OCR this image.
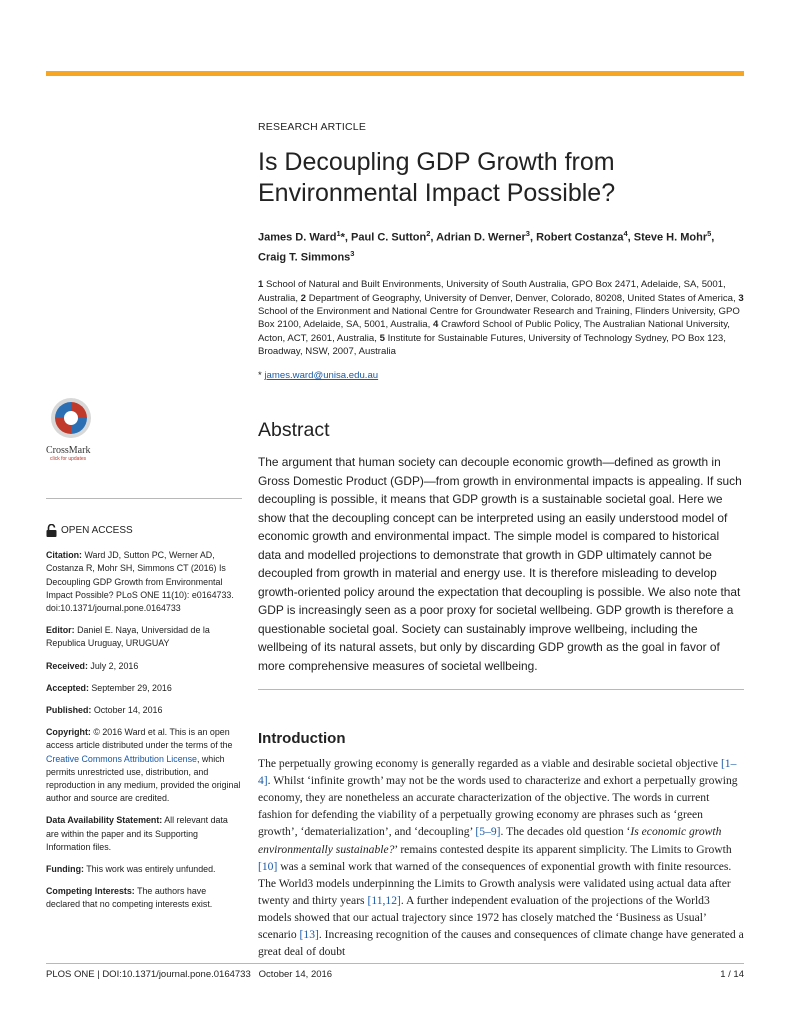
RESEARCH ARTICLE
Is Decoupling GDP Growth from Environmental Impact Possible?
James D. Ward$^1$*, Paul C. Sutton$^2$, Adrian D. Werner$^3$, Robert Costanza$^4$, Steve H. Mohr$^5$, Craig T. Simmons$^3$
1 School of Natural and Built Environments, University of South Australia, GPO Box 2471, Adelaide, SA, 5001, Australia, 2 Department of Geography, University of Denver, Denver, Colorado, 80208, United States of America, 3 School of the Environment and National Centre for Groundwater Research and Training, Flinders University, GPO Box 2100, Adelaide, SA, 5001, Australia, 4 Crawford School of Public Policy, The Australian National University, Acton, ACT, 2601, Australia, 5 Institute for Sustainable Futures, University of Technology Sydney, PO Box 123, Broadway, NSW, 2007, Australia
* james.ward@unisa.edu.au
Abstract
The argument that human society can decouple economic growth—defined as growth in Gross Domestic Product (GDP)—from growth in environmental impacts is appealing. If such decoupling is possible, it means that GDP growth is a sustainable societal goal. Here we show that the decoupling concept can be interpreted using an easily understood model of economic growth and environmental impact. The simple model is compared to historical data and modelled projections to demonstrate that growth in GDP ultimately cannot be decoupled from growth in material and energy use. It is therefore misleading to develop growth-oriented policy around the expectation that decoupling is possible. We also note that GDP is increasingly seen as a poor proxy for societal wellbeing. GDP growth is therefore a questionable societal goal. Society can sustainably improve wellbeing, including the wellbeing of its natural assets, but only by discarding GDP growth as the goal in favor of more comprehensive measures of societal wellbeing.
Introduction
The perpetually growing economy is generally regarded as a viable and desirable societal objective [1–4]. Whilst ‘infinite growth’ may not be the words used to characterize and exhort a perpetually growing economy, they are nonetheless an accurate characterization of the objective. The words in current fashion for defending the viability of a perpetually growing economy are phrases such as ‘green growth’, ‘dematerialization’, and ‘decoupling’ [5–9]. The decades old question ‘Is economic growth environmentally sustainable?’ remains contested despite its apparent simplicity. The Limits to Growth [10] was a seminal work that warned of the consequences of exponential growth with finite resources. The World3 models underpinning the Limits to Growth analysis were validated using actual data after twenty and thirty years [11,12]. A further independent evaluation of the projections of the World3 models showed that our actual trajectory since 1972 has closely matched the ‘Business as Usual’ scenario [13]. Increasing recognition of the causes and consequences of climate change have generated a great deal of doubt
CrossMark
click for updates
OPEN ACCESS

Citation: Ward JD, Sutton PC, Werner AD, Costanza R, Mohr SH, Simmons CT (2016) Is Decoupling GDP Growth from Environmental Impact Possible? PLoS ONE 11(10): e0164733. doi:10.1371/journal.pone.0164733

Editor: Daniel E. Naya, Universidad de la Republica Uruguay, URUGUAY

Received: July 2, 2016

Accepted: September 29, 2016

Published: October 14, 2016

Copyright: © 2016 Ward et al. This is an open access article distributed under the terms of the Creative Commons Attribution License, which permits unrestricted use, distribution, and reproduction in any medium, provided the original author and source are credited.

Data Availability Statement: All relevant data are within the paper and its Supporting Information files.

Funding: This work was entirely unfunded.

Competing Interests: The authors have declared that no competing interests exist.

PLOS ONE | DOI:10.1371/journal.pone.0164733 October 14, 2016	1 / 14
